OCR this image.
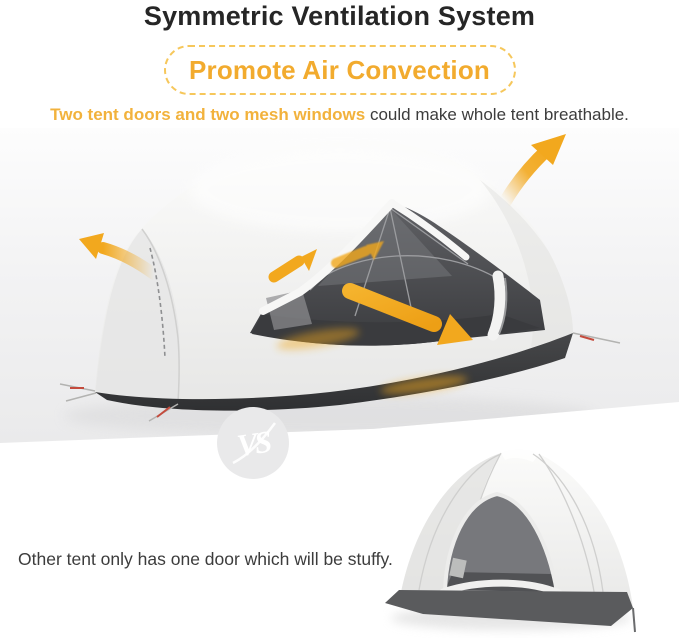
Symmetric Ventilation System
Promote Air Convection

Two tent doors and two mesh windows could make whole tent breathable.

VS

Other tent only has one door which will be stuffy.
